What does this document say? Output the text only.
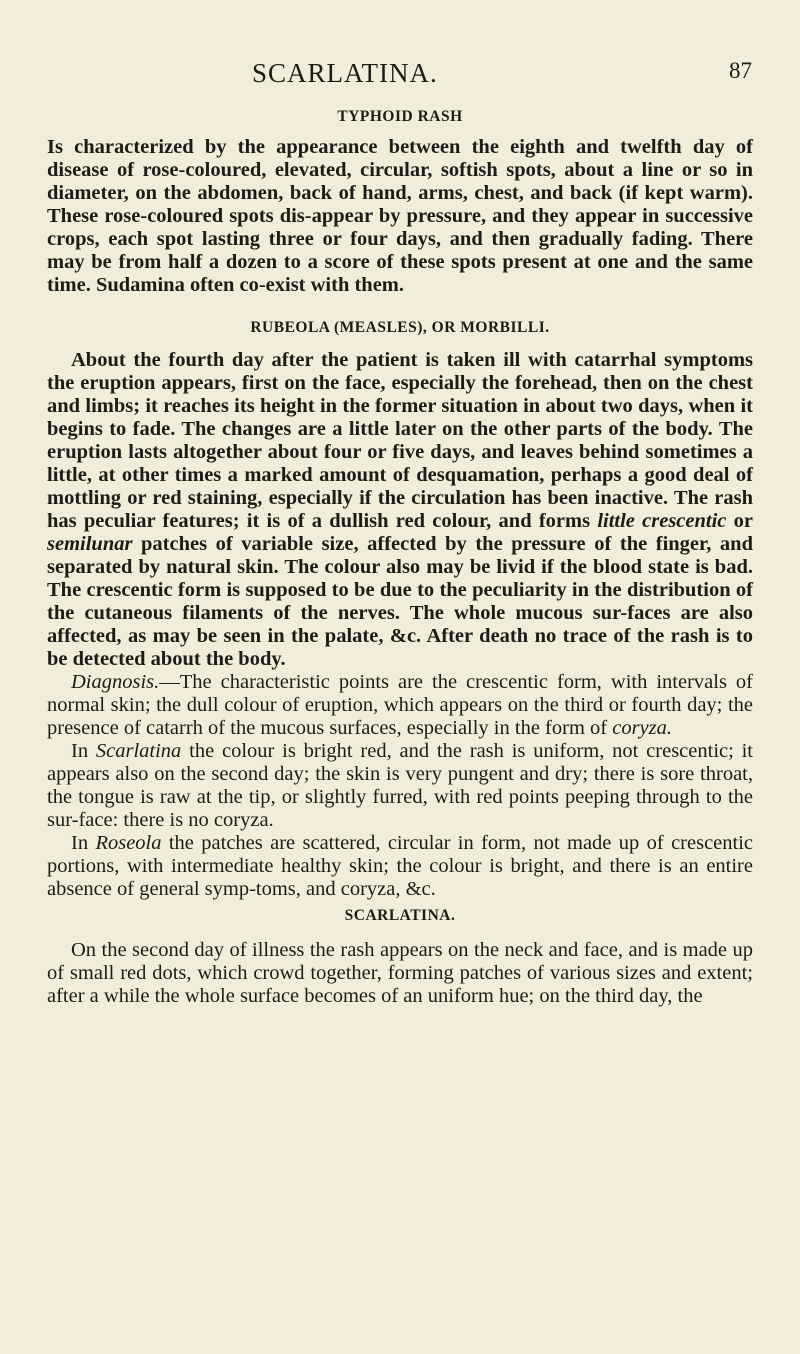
SCARLATINA.	87
TYPHOID RASH

Is characterized by the appearance between the eighth and twelfth day of disease of rose-coloured, elevated, circular, softish spots, about a line or so in diameter, on the abdomen, back of hand, arms, chest, and back (if kept warm). These rose-coloured spots dis-appear by pressure, and they appear in successive crops, each spot lasting three or four days, and then gradually fading. There may be from half a dozen to a score of these spots present at one and the same time. Sudamina often co-exist with them.

RUBEOLA (MEASLES), OR MORBILLI.

About the fourth day after the patient is taken ill with catarrhal symptoms the eruption appears, first on the face, especially the forehead, then on the chest and limbs; it reaches its height in the former situation in about two days, when it begins to fade. The changes are a little later on the other parts of the body. The eruption lasts altogether about four or five days, and leaves behind sometimes a little, at other times a marked amount of desquamation, perhaps a good deal of mottling or red staining, especially if the circulation has been inactive. The rash has peculiar features; it is of a dullish red colour, and forms little crescentic or semilunar patches of variable size, affected by the pressure of the finger, and separated by natural skin. The colour also may be livid if the blood state is bad. The crescentic form is supposed to be due to the peculiarity in the distribution of the cutaneous filaments of the nerves. The whole mucous sur-faces are also affected, as may be seen in the palate, &c. After death no trace of the rash is to be detected about the body.

Diagnosis.—The characteristic points are the crescentic form, with intervals of normal skin; the dull colour of eruption, which appears on the third or fourth day; the presence of catarrh of the mucous surfaces, especially in the form of coryza.

In Scarlatina the colour is bright red, and the rash is uniform, not crescentic; it appears also on the second day; the skin is very pungent and dry; there is sore throat, the tongue is raw at the tip, or slightly furred, with red points peeping through to the sur-face: there is no coryza.

In Roseola the patches are scattered, circular in form, not made up of crescentic portions, with intermediate healthy skin; the colour is bright, and there is an entire absence of general symp-toms, and coryza, &c.

SCARLATINA.

On the second day of illness the rash appears on the neck and face, and is made up of small red dots, which crowd together, forming patches of various sizes and extent; after a while the whole surface becomes of an uniform hue; on the third day, the
